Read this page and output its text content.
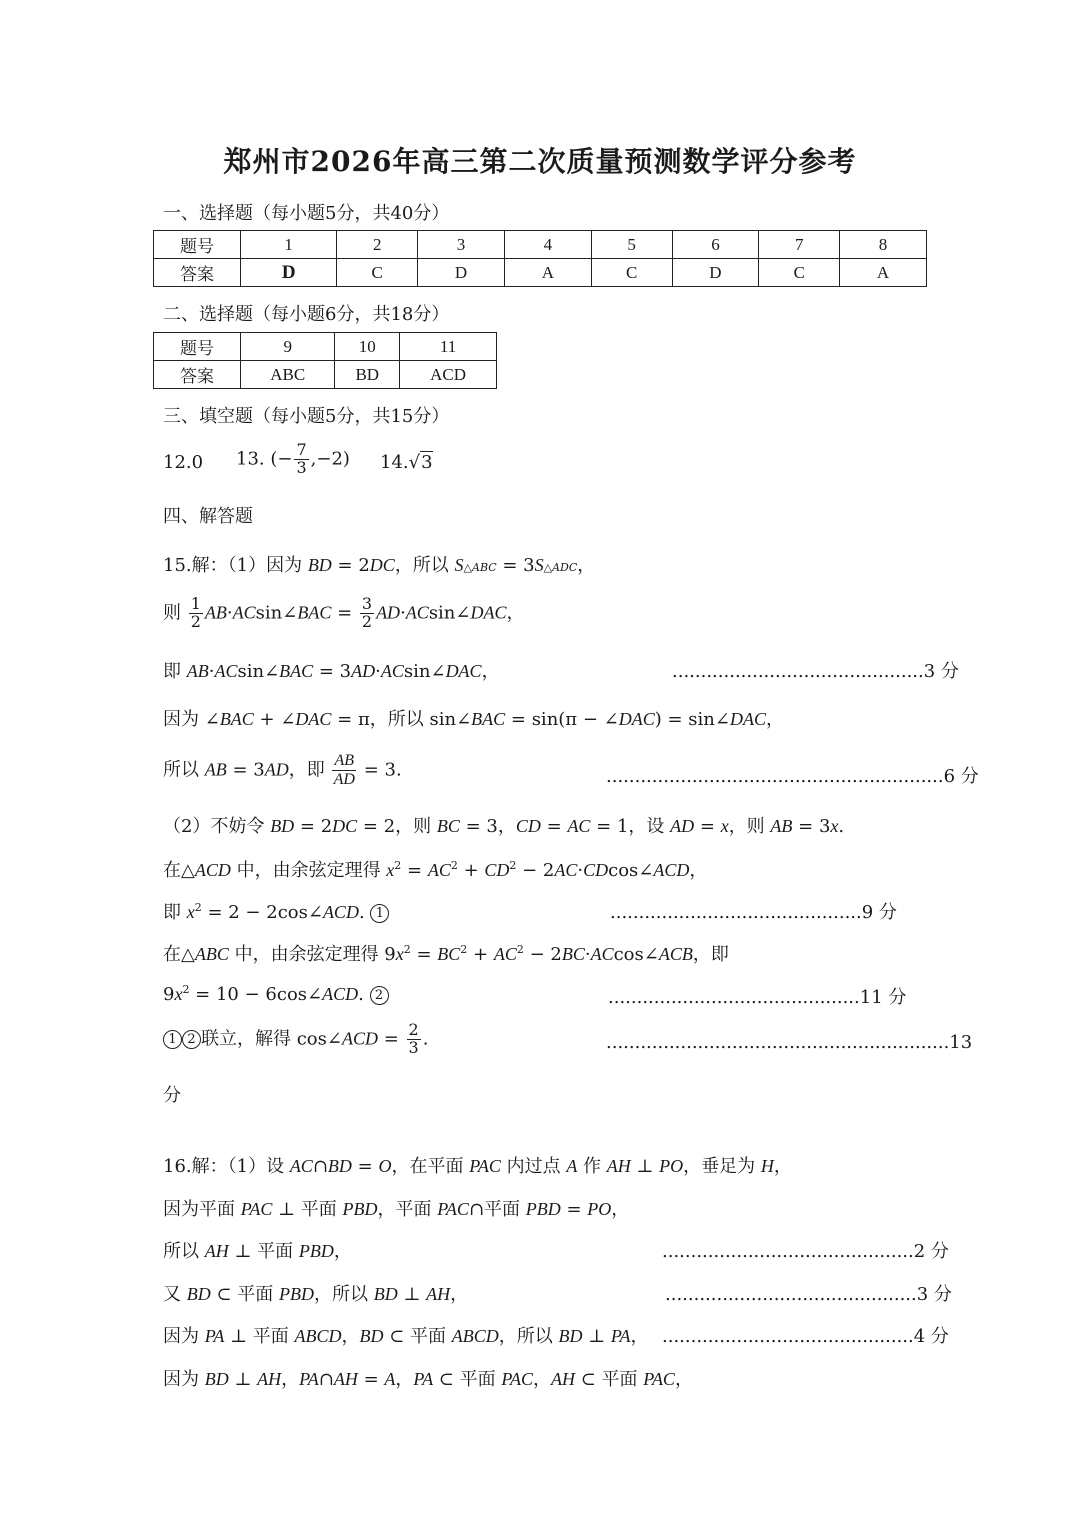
郑州市2026年高三第二次质量预测数学评分参考
一、选择题（每小题5分，共40分）
题号	1	2	3	4	5	6	7	8
答案	D	C	D	A	C	D	C	A
二、选择题（每小题6分，共18分）
题号	9	10	11
答案	ABC	BD	ACD
三、填空题（每小题5分，共15分）
12.0 13. (− $\frac{7}{3} ,-2$) 14.√3
四、解答题
15.解：（1）因为 BD = 2DC，所以 S△ABC = 3S△ADC，
则 $\frac{1}{2}$ AB·ACsin∠BAC = $\frac{3}{2}$ AD·ACsin∠DAC，
即 AB·ACsin∠BAC = 3AD·ACsin∠DAC，	............................................3 分
因为 ∠BAC + ∠DAC = π，所以 sin∠BAC = sin(π − ∠DAC) = sin∠DAC，
所以 AB = 3AD，即 $\frac{AB}{AD} = 3$.	...........................................................6 分
（2）不妨令 BD = 2DC = 2，则 BC = 3，CD = AC = 1，设 AD = x，则 AB = 3x.
在△ACD 中，由余弦定理得 $x^2 = AC^2 + CD^2$ − 2AC·CDcos∠ACD，
即 $x^2 = 2$ − 2cos∠ACD. 1	............................................9 分
在△ABC 中，由余弦定理得 $9x^2 = BC^2 + AC^2$ − 2BC·ACcos∠ACB，即
$9x^2 = 10$ − 6cos∠ACD. 2	............................................11 分
1 2 联立，解得 cos∠ACD = $\frac{2}{3}$ .	............................................................13
分
16.解：（1）设 AC∩BD = O，在平面 PAC 内过点 A 作 AH ⊥ PO，垂足为 H，
因为平面 PAC ⊥ 平面 PBD，平面 PAC∩平面 PBD = PO，
所以 AH ⊥ 平面 PBD，	............................................2 分
又 BD ⊂ 平面 PBD，所以 BD ⊥ AH，	............................................3 分
因为 PA ⊥ 平面 ABCD，BD ⊂ 平面 ABCD，所以 BD ⊥ PA， ............................................4 分
因为 BD ⊥ AH，PA∩AH = A，PA ⊂ 平面 PAC，AH ⊂ 平面 PAC，
